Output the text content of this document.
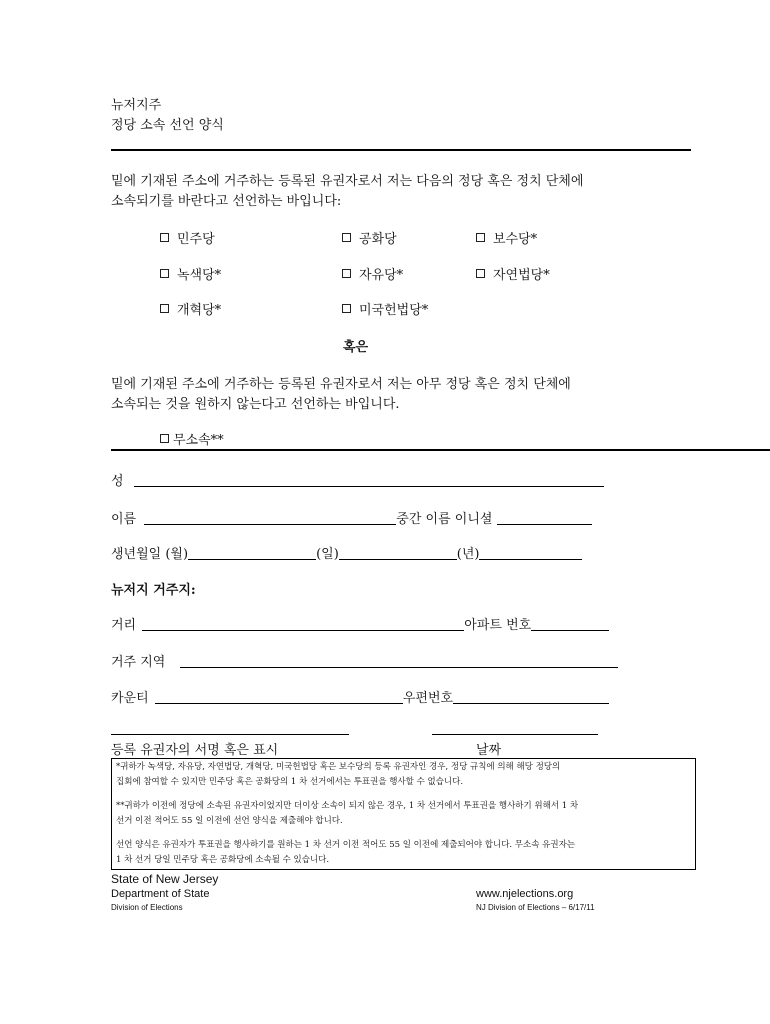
뉴저지주
정당 소속 선언 양식
밑에 기재된 주소에 거주하는 등록된 유권자로서 저는 다음의 정당 혹은 정치 단체에
소속되기를 바란다고 선언하는 바입니다:
민주당	공화당	보수당*
녹색당*	자유당*	자연법당*
개혁당*	미국헌법당*
혹은
밑에 기재된 주소에 거주하는 등록된 유권자로서 저는 아무 정당 혹은 정치 단체에
소속되는 것을 원하지 않는다고 선언하는 바입니다.
무소속**
성
이름	중간 이름 이니셜
생년월일 (월)	(일)	(년)
뉴저지 거주지:
거리	아파트 번호
거주 지역
카운티	우편번호
등록 유권자의 서명 혹은 표시	날짜
*귀하가 녹색당, 자유당, 자연법당, 개혁당, 미국헌법당 혹은 보수당의 등록 유권자인 경우, 정당 규칙에 의해 해당 정당의
집회에 참여할 수 있지만 민주당 혹은 공화당의 1 차 선거에서는 투표권을 행사할 수 없습니다.
**귀하가 이전에 정당에 소속된 유권자이었지만 더이상 소속이 되지 않은 경우, 1 차 선거에서 투표권을 행사하기 위해서 1 차
선거 이전 적어도 55 일 이전에 선언 양식을 제출해야 합니다.
선언 양식은 유권자가 투표권을 행사하기를 원하는 1 차 선거 이전 적어도 55 일 이전에 제출되어야 합니다. 무소속 유권자는
1 차 선거 당일 민주당 혹은 공화당에 소속될 수 있습니다.
State of New Jersey
Department of State
Division of Elections
www.njelections.org
NJ Division of Elections – 6/17/11
